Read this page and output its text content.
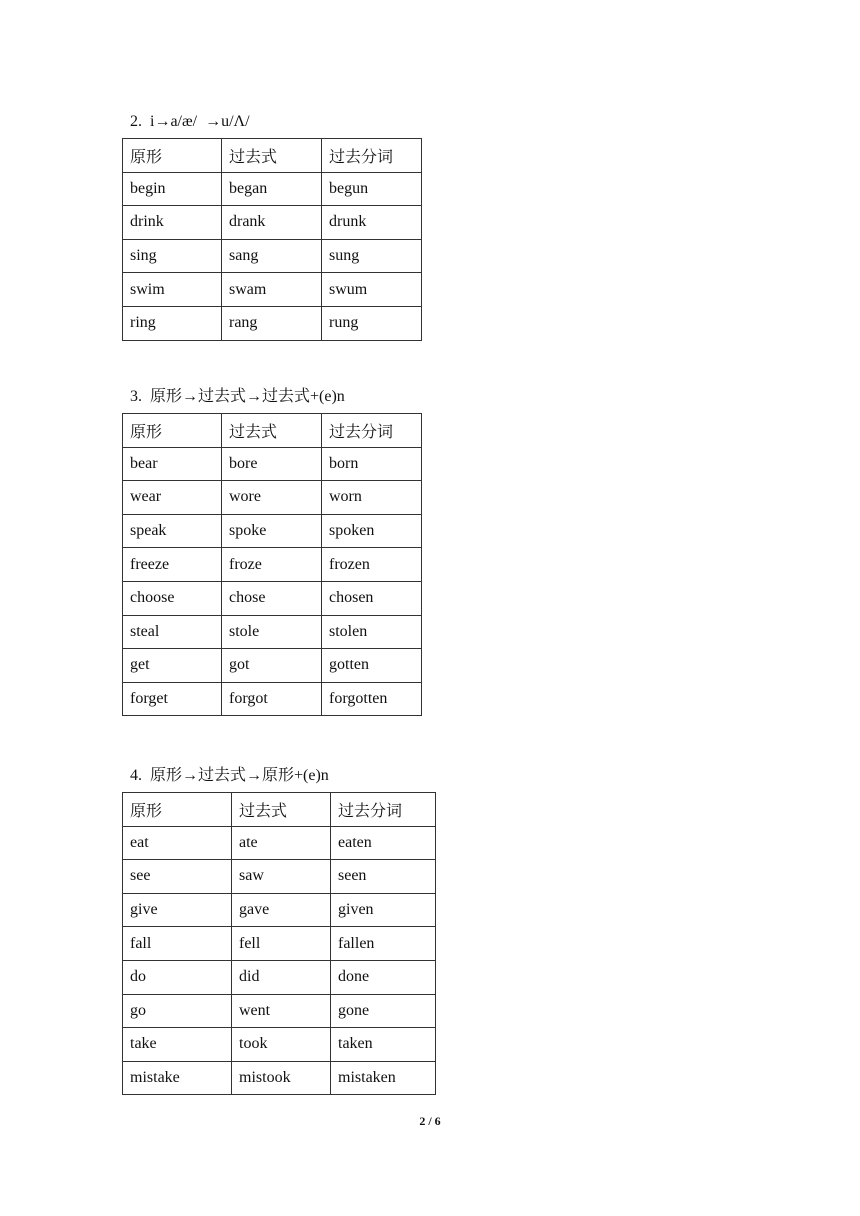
2.  i→a/æ/  →u/Λ/
原形	过去式	过去分词
begin	began	begun
drink	drank	drunk
sing	sang	sung
swim	swam	swum
ring	rang	rung
3.  原形→过去式→过去式+(e)n
原形	过去式	过去分词
bear	bore	born
wear	wore	worn
speak	spoke	spoken
freeze	froze	frozen
choose	chose	chosen
steal	stole	stolen
get	got	gotten
forget	forgot	forgotten
4.  原形→过去式→原形+(e)n
原形	过去式	过去分词
eat	ate	eaten
see	saw	seen
give	gave	given
fall	fell	fallen
do	did	done
go	went	gone
take	took	taken
mistake	mistook	mistaken
2 / 6
